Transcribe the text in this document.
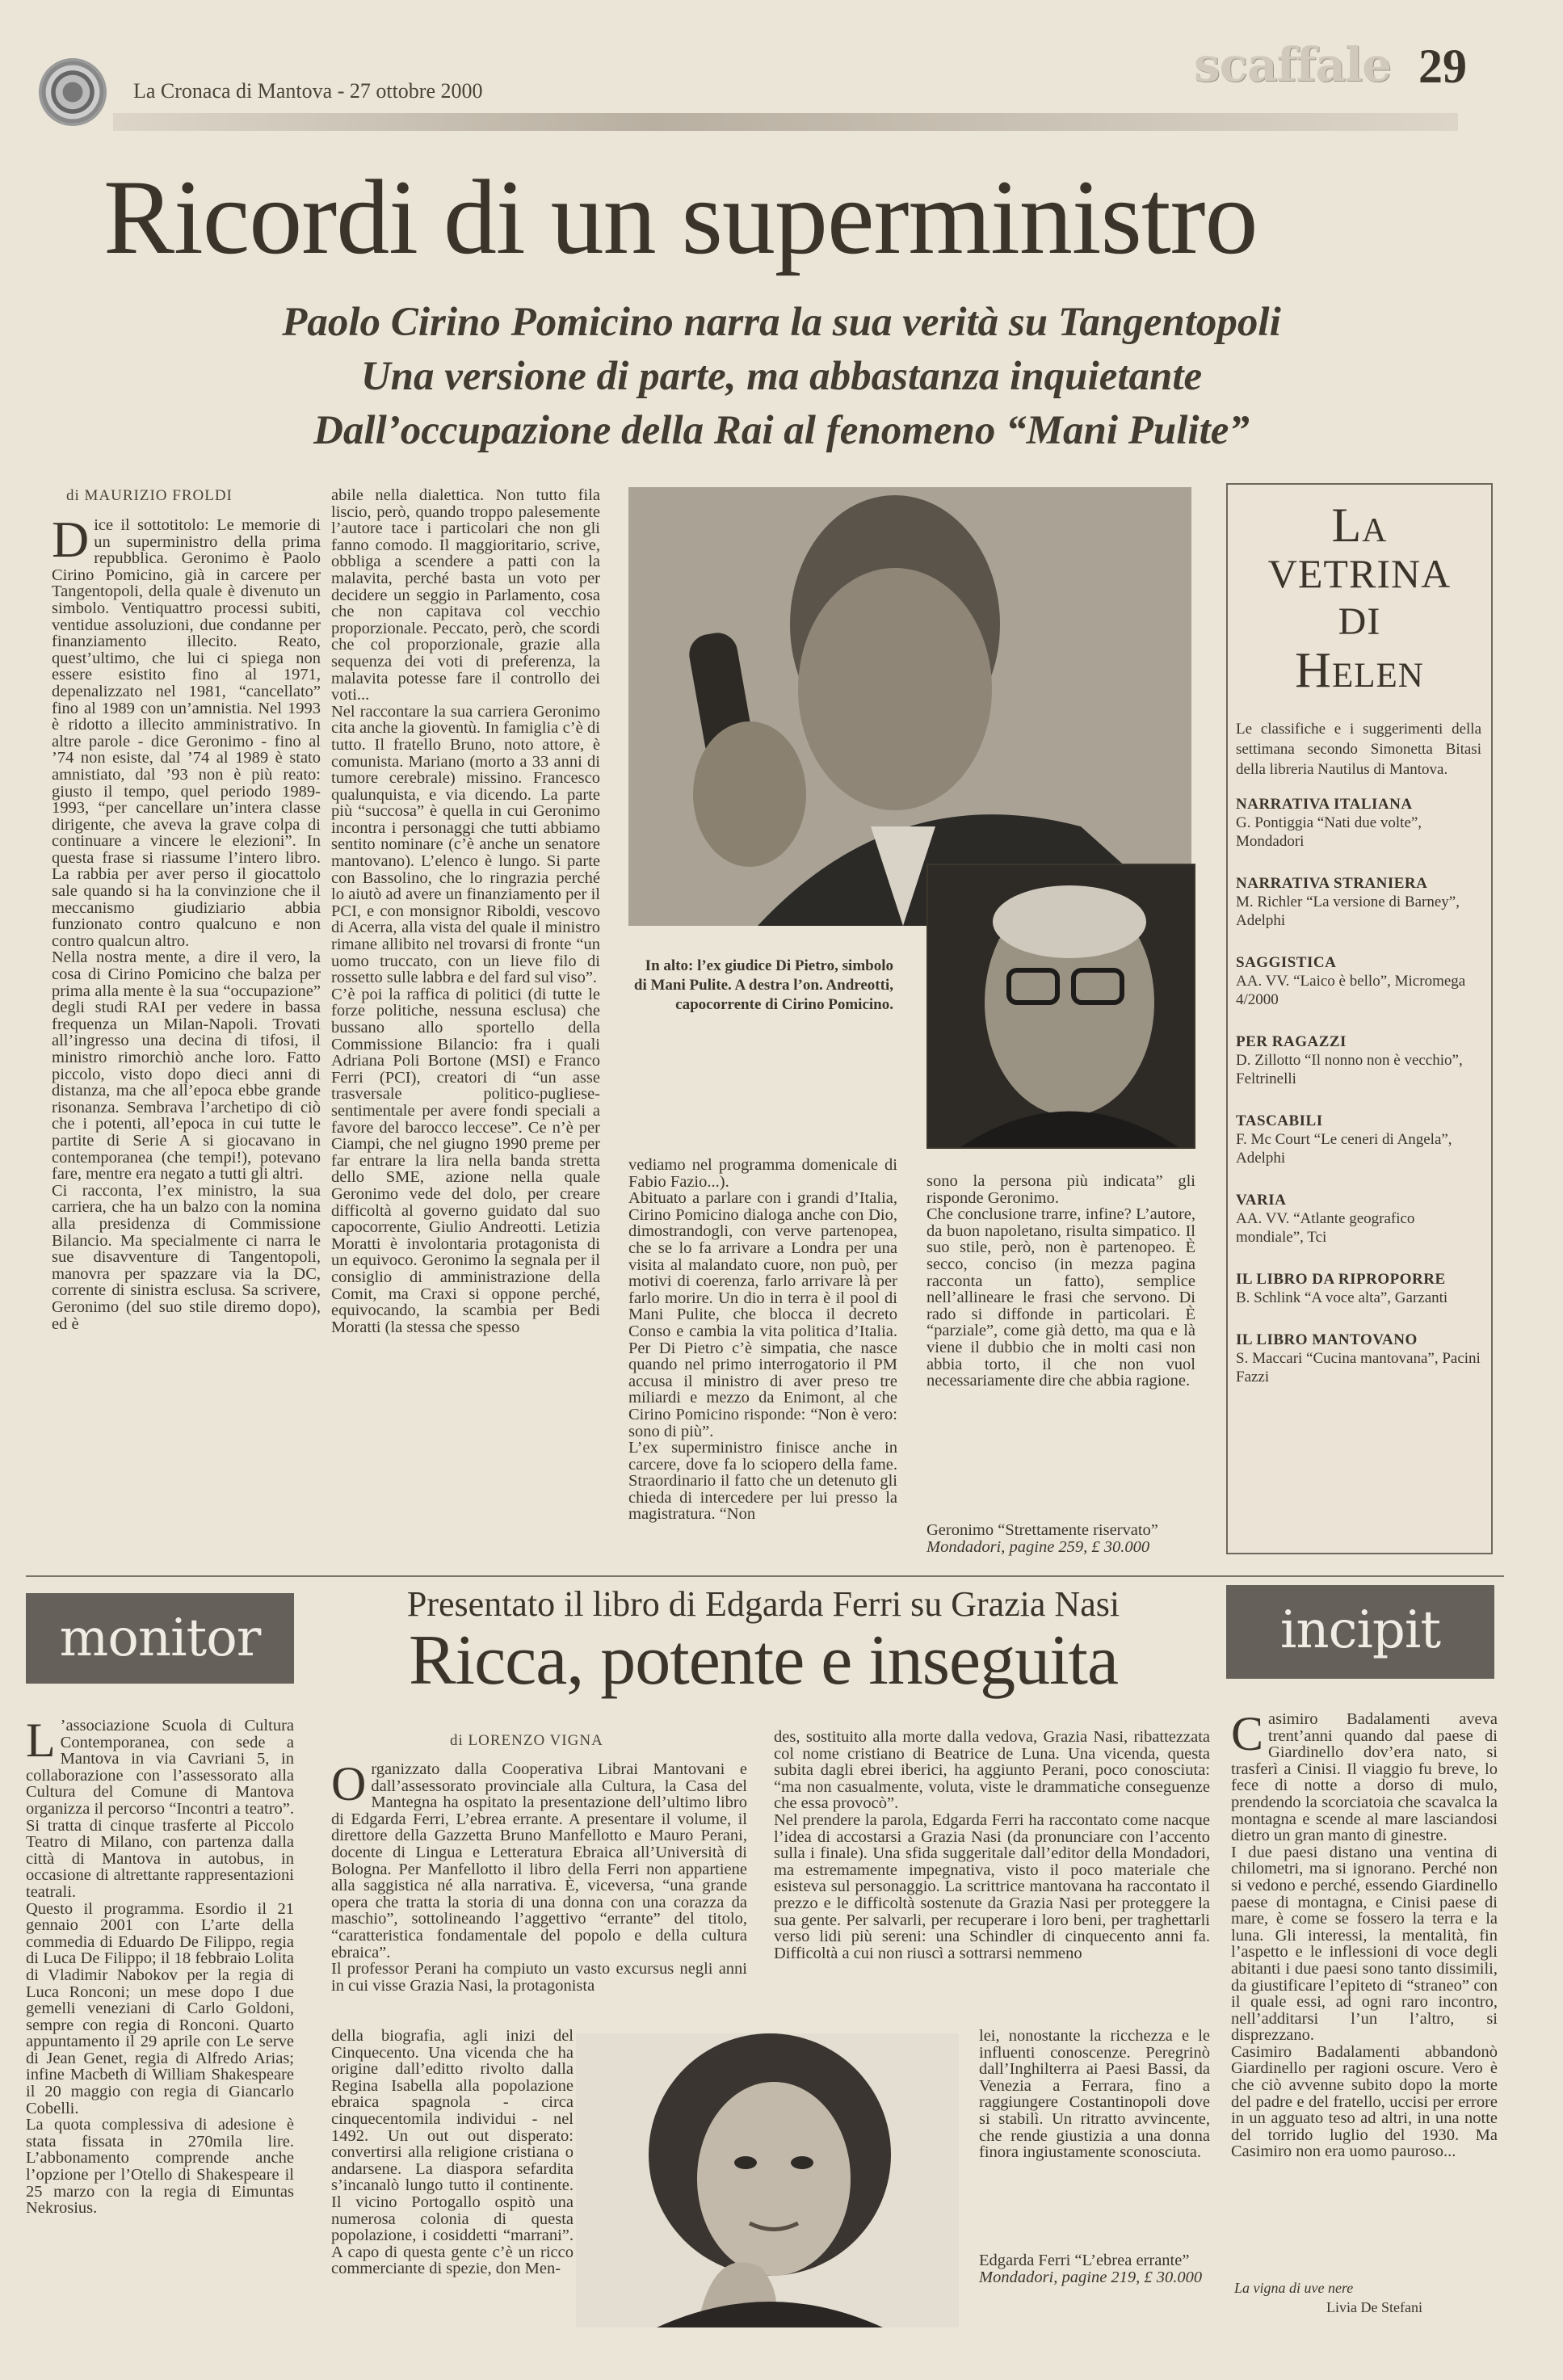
La Cronaca di Mantova - 27 ottobre 2000	scaffale 29
Ricordi di un superministro
Paolo Cirino Pomicino narra la sua verità su Tangentopoli
Una versione di parte, ma abbastanza inquietante
Dall’occupazione della Rai al fenomeno “Mani Pulite”
di MAURIZIO FROLDI
Dice il sottotitolo: Le memorie di un superministro della prima repubblica. Geronimo è Paolo Cirino Pomicino, già in carcere per Tangentopoli, della quale è divenuto un simbolo. Ventiquattro processi subiti, ventidue assoluzioni, due condanne per finanziamento illecito. Reato, quest’ultimo, che lui ci spiega non essere esistito fino al 1971, depenalizzato nel 1981, “cancellato” fino al 1989 con un’amnistia. Nel 1993 è ridotto a illecito amministrativo. In altre parole - dice Geronimo - fino al ’74 non esiste, dal ’74 al 1989 è stato amnistiato, dal ’93 non è più reato: giusto il tempo, quel periodo 1989-1993, “per cancellare un’intera classe dirigente, che aveva la grave colpa di continuare a vincere le elezioni”. In questa frase si riassume l’intero libro. La rabbia per aver perso il giocattolo sale quando si ha la convinzione che il meccanismo giudiziario abbia funzionato contro qualcuno e non contro qualcun altro.
Nella nostra mente, a dire il vero, la cosa di Cirino Pomicino che balza per prima alla mente è la sua “occupazione” degli studi RAI per vedere in bassa frequenza un Milan-Napoli. Trovati all’ingresso una decina di tifosi, il ministro rimorchiò anche loro. Fatto piccolo, visto dopo dieci anni di distanza, ma che all’epoca ebbe grande risonanza. Sembrava l’archetipo di ciò che i potenti, all’epoca in cui tutte le partite di Serie A si giocavano in contemporanea (che tempi!), potevano fare, mentre era negato a tutti gli altri.
Ci racconta, l’ex ministro, la sua carriera, che ha un balzo con la nomina alla presidenza di Commissione Bilancio. Ma specialmente ci narra le sue disavventure di Tangentopoli, manovra per spazzare via la DC, corrente di sinistra esclusa. Sa scrivere, Geronimo (del suo stile diremo dopo), ed è
abile nella dialettica. Non tutto fila liscio, però, quando troppo palesemente l’autore tace i particolari che non gli fanno comodo. Il maggioritario, scrive, obbliga a scendere a patti con la malavita, perché basta un voto per decidere un seggio in Parlamento, cosa che non capitava col vecchio proporzionale. Peccato, però, che scordi che col proporzionale, grazie alla sequenza dei voti di preferenza, la malavita potesse fare il controllo dei voti...
Nel raccontare la sua carriera Geronimo cita anche la gioventù. In famiglia c’è di tutto. Il fratello Bruno, noto attore, è comunista. Mariano (morto a 33 anni di tumore cerebrale) missino. Francesco qualunquista, e via dicendo. La parte più “succosa” è quella in cui Geronimo incontra i personaggi che tutti abbiamo sentito nominare (c’è anche un senatore mantovano). L’elenco è lungo. Si parte con Bassolino, che lo ringrazia perché lo aiutò ad avere un finanziamento per il PCI, e con monsignor Riboldi, vescovo di Acerra, alla vista del quale il ministro rimane allibito nel trovarsi di fronte “un uomo truccato, con un lieve filo di rossetto sulle labbra e del fard sul viso”.
C’è poi la raffica di politici (di tutte le forze politiche, nessuna esclusa) che bussano allo sportello della Commissione Bilancio: fra i quali Adriana Poli Bortone (MSI) e Franco Ferri (PCI), creatori di “un asse trasversale politico-pugliese-sentimentale per avere fondi speciali a favore del barocco leccese”. Ce n’è per Ciampi, che nel giugno 1990 preme per far entrare la lira nella banda stretta dello SME, azione nella quale Geronimo vede del dolo, per creare difficoltà al governo guidato dal suo capocorrente, Giulio Andreotti. Letizia Moratti è involontaria protagonista di un equivoco. Geronimo la segnala per il consiglio di amministrazione della Comit, ma Craxi si oppone perché, equivocando, la scambia per Bedi Moratti (la stessa che spesso
In alto: l’ex giudice Di Pietro, simbolo di Mani Pulite. A destra l’on. Andreotti, capocorrente di Cirino Pomicino.
vediamo nel programma domenicale di Fabio Fazio...).
Abituato a parlare con i grandi d’Italia, Cirino Pomicino dialoga anche con Dio, dimostrandogli, con verve partenopea, che se lo fa arrivare a Londra per una visita al malandato cuore, non può, per motivi di coerenza, farlo arrivare là per farlo morire. Un dio in terra è il pool di Mani Pulite, che blocca il decreto Conso e cambia la vita politica d’Italia. Per Di Pietro c’è simpatia, che nasce quando nel primo interrogatorio il PM accusa il ministro di aver preso tre miliardi e mezzo da Enimont, al che Cirino Pomicino risponde: “Non è vero: sono di più”.
L’ex superministro finisce anche in carcere, dove fa lo sciopero della fame. Straordinario il fatto che un detenuto gli chieda di intercedere per lui presso la magistratura. “Non
sono la persona più indicata” gli risponde Geronimo.
Che conclusione trarre, infine? L’autore, da buon napoletano, risulta simpatico. Il suo stile, però, non è partenopeo. È secco, conciso (in mezza pagina racconta un fatto), semplice nell’allineare le frasi che servono. Di rado si diffonde in particolari. È “parziale”, come già detto, ma qua e là viene il dubbio che in molti casi non abbia torto, il che non vuol necessariamente dire che abbia ragione.
Geronimo “Strettamente riservato”
Mondadori, pagine 259, £ 30.000
La
VETRINA
DI
Helen
Le classifiche e i suggerimenti della settimana secondo Simonetta Bitasi della libreria Nautilus di Mantova.
NARRATIVA ITALIANA
G. Pontiggia “Nati due volte”, Mondadori
NARRATIVA STRANIERA
M. Richler “La versione di Barney”, Adelphi
SAGGISTICA
AA. VV. “Laico è bello”, Micromega 4/2000
PER RAGAZZI
D. Zillotto “Il nonno non è vecchio”, Feltrinelli
TASCABILI
F. Mc Court “Le ceneri di Angela”, Adelphi
VARIA
AA. VV. “Atlante geografico mondiale”, Tci
IL LIBRO DA RIPROPORRE
B. Schlink “A voce alta”, Garzanti
IL LIBRO MANTOVANO
S. Maccari “Cucina mantovana”, Pacini Fazzi
monitor
L ’associazione Scuola di Cultura Contemporanea, con sede a Mantova in via Cavriani 5, in collaborazione con l’assessorato alla Cultura del Comune di Mantova organizza il percorso “Incontri a teatro”. Si tratta di cinque trasferte al Piccolo Teatro di Milano, con partenza dalla città di Mantova in autobus, in occasione di altrettante rappresentazioni teatrali.
Questo il programma. Esordio il 21 gennaio 2001 con L’arte della commedia di Eduardo De Filippo, regia di Luca De Filippo; il 18 febbraio Lolita di Vladimir Nabokov per la regia di Luca Ronconi; un mese dopo I due gemelli veneziani di Carlo Goldoni, sempre con regia di Ronconi. Quarto appuntamento il 29 aprile con Le serve di Jean Genet, regia di Alfredo Arias; infine Macbeth di William Shakespeare il 20 maggio con regia di Giancarlo Cobelli.
La quota complessiva di adesione è stata fissata in 270mila lire. L’abbonamento comprende anche l’opzione per l’Otello di Shakespeare il 25 marzo con la regia di Eimuntas Nekrosius.
Presentato il libro di Edgarda Ferri su Grazia Nasi
Ricca, potente e inseguita
di LORENZO VIGNA
Organizzato dalla Cooperativa Librai Mantovani e dall’assessorato provinciale alla Cultura, la Casa del Mantegna ha ospitato la presentazione dell’ultimo libro di Edgarda Ferri, L’ebrea errante. A presentare il volume, il direttore della Gazzetta Bruno Manfellotto e Mauro Perani, docente di Lingua e Letteratura Ebraica all’Università di Bologna. Per Manfellotto il libro della Ferri non appartiene alla saggistica né alla narrativa. È, viceversa, “una grande opera che tratta la storia di una donna con una corazza da maschio”, sottolineando l’aggettivo “errante” del titolo, “caratteristica fondamentale del popolo e della cultura ebraica”.
Il professor Perani ha compiuto un vasto excursus negli anni in cui visse Grazia Nasi, la protagonista
della biografia, agli inizi del Cinquecento. Una vicenda che ha origine dall’editto rivolto dalla Regina Isabella alla popolazione ebraica spagnola - circa cinquecentomila individui - nel 1492. Un out out disperato: convertirsi alla religione cristiana o andarsene. La diaspora sefardita s’incanalò lungo tutto il continente. Il vicino Portogallo ospitò una numerosa colonia di questa popolazione, i cosiddetti “marrani”. A capo di questa gente c’è un ricco commerciante di spezie, don Men-
des, sostituito alla morte dalla vedova, Grazia Nasi, ribattezzata col nome cristiano di Beatrice de Luna. Una vicenda, questa subita dagli ebrei iberici, ha aggiunto Perani, poco conosciuta: “ma non casualmente, voluta, viste le drammatiche conseguenze che essa provocò”.
Nel prendere la parola, Edgarda Ferri ha raccontato come nacque l’idea di accostarsi a Grazia Nasi (da pronunciare con l’accento sulla i finale). Una sfida suggeritale dall’editor della Mondadori, ma estremamente impegnativa, visto il poco materiale che esisteva sul personaggio. La scrittrice mantovana ha raccontato il prezzo e le difficoltà sostenute da Grazia Nasi per proteggere la sua gente. Per salvarli, per recuperare i loro beni, per traghettarli verso lidi più sereni: una Schindler di cinquecento anni fa. Difficoltà a cui non riuscì a sottrarsi nemmeno
lei, nonostante la ricchezza e le influenti conoscenze. Peregrinò dall’Inghilterra ai Paesi Bassi, da Venezia a Ferrara, fino a raggiungere Costantinopoli dove si stabilì. Un ritratto avvincente, che rende giustizia a una donna finora ingiustamente sconosciuta.
Edgarda Ferri “L’ebrea errante”
Mondadori, pagine 219, £ 30.000
incipit
Casimiro Badalamenti aveva trent’anni quando dal paese di Giardinello dov’era nato, si trasferì a Cinisi. Il viaggio fu breve, lo fece di notte a dorso di mulo, prendendo la scorciatoia che scavalca la montagna e scende al mare lasciandosi dietro un gran manto di ginestre.
I due paesi distano una ventina di chilometri, ma si ignorano. Perché non si vedono e perché, essendo Giardinello paese di montagna, e Cinisi paese di mare, è come se fossero la terra e la luna. Gli interessi, la mentalità, fin l’aspetto e le inflessioni di voce degli abitanti i due paesi sono tanto dissimili, da giustificare l’epiteto di “straneo” con il quale essi, ad ogni raro incontro, nell’additarsi l’un l’altro, si disprezzano.
Casimiro Badalamenti abbandonò Giardinello per ragioni oscure. Vero è che ciò avvenne subito dopo la morte del padre e del fratello, uccisi per errore in un agguato teso ad altri, in una notte del torrido luglio del 1930. Ma Casimiro non era uomo pauroso...
La vigna di uve nere
Livia De Stefani
